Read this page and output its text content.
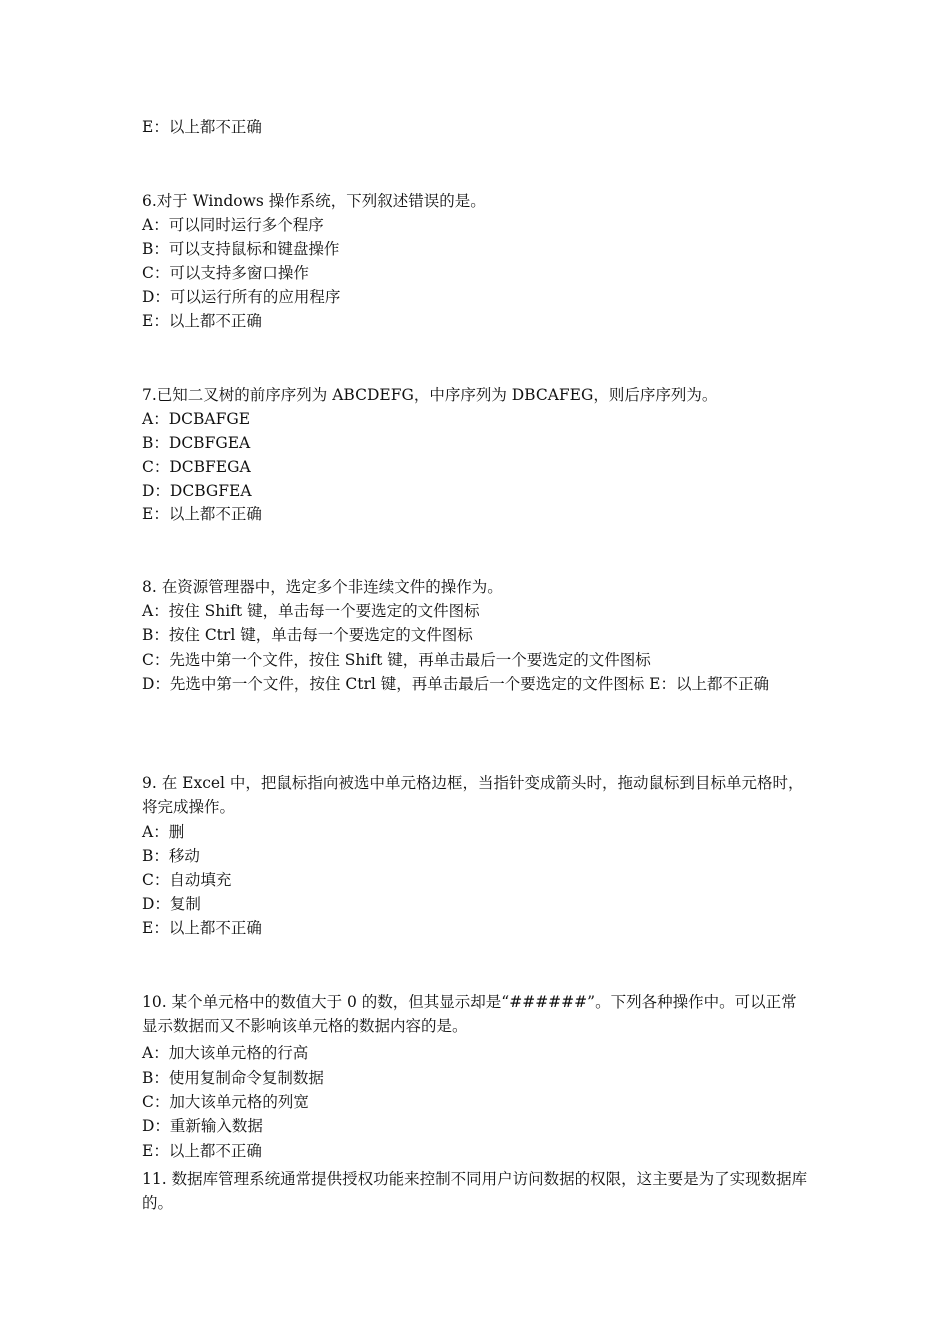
E：以上都不正确
6.对于 Windows 操作系统，下列叙述错误的是。
A：可以同时运行多个程序
B：可以支持鼠标和键盘操作
C：可以支持多窗口操作
D：可以运行所有的应用程序
E：以上都不正确
7.已知二叉树的前序序列为 ABCDEFG，中序序列为 DBCAFEG，则后序序列为。
A：DCBAFGE
B：DCBFGEA
C：DCBFEGA
D：DCBGFEA
E：以上都不正确
8. 在资源管理器中，选定多个非连续文件的操作为。
A：按住 Shift 键，单击每一个要选定的文件图标
B：按住 Ctrl 键，单击每一个要选定的文件图标
C：先选中第一个文件，按住 Shift 键，再单击最后一个要选定的文件图标
D：先选中第一个文件，按住 Ctrl 键，再单击最后一个要选定的文件图标 E：以上都不正确
9. 在 Excel 中，把鼠标指向被选中单元格边框，当指针变成箭头时，拖动鼠标到目标单元格时，将完成操作。
A：删
B：移动
C：自动填充
D：复制
E：以上都不正确
10. 某个单元格中的数值大于 0 的数，但其显示却是“######”。下列各种操作中。可以正常显示数据而又不影响该单元格的数据内容的是。
A：加大该单元格的行高
B：使用复制命令复制数据
C：加大该单元格的列宽
D：重新输入数据
E：以上都不正确
11. 数据库管理系统通常提供授权功能来控制不同用户访问数据的权限，这主要是为了实现数据库的。
